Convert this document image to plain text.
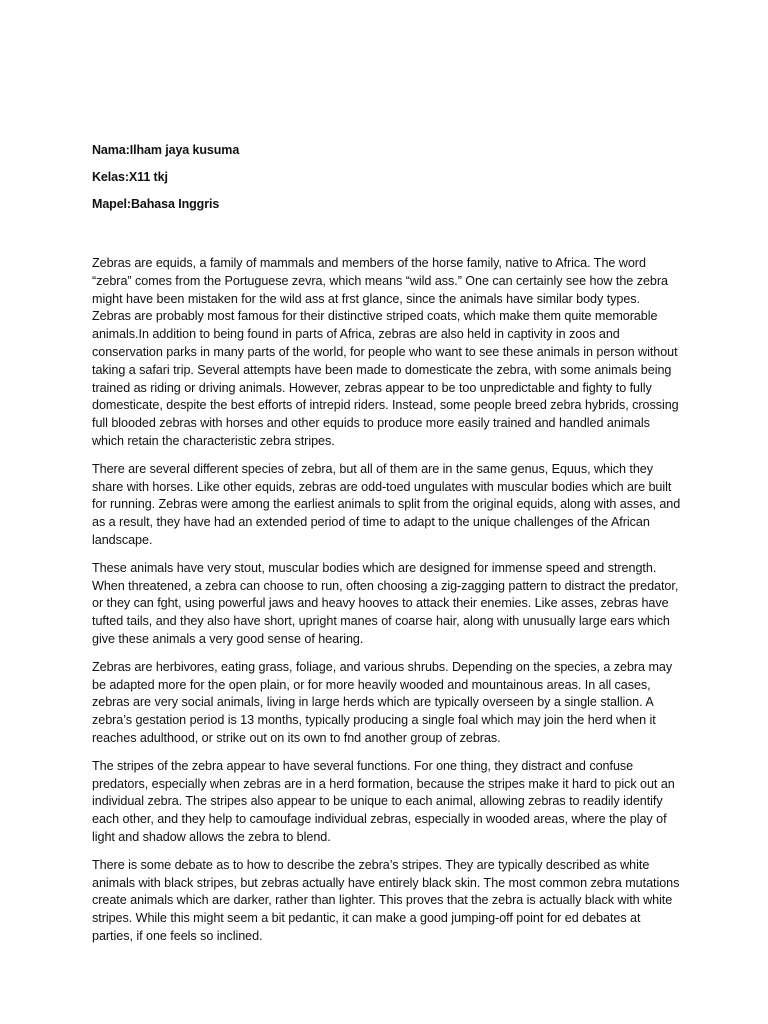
Nama:Ilham jaya kusuma
Kelas:X11 tkj
Mapel:Bahasa Inggris

Zebras are equids, a family of mammals and members of the horse family, native to Africa. The word “zebra” comes from the Portuguese zevra, which means “wild ass.” One can certainly see how the zebra might have been mistaken for the wild ass at frst glance, since the animals have similar body types. Zebras are probably most famous for their distinctive striped coats, which make them quite memorable animals.In addition to being found in parts of Africa, zebras are also held in captivity in zoos and conservation parks in many parts of the world, for people who want to see these animals in person without taking a safari trip. Several attempts have been made to domesticate the zebra, with some animals being trained as riding or driving animals. However, zebras appear to be too unpredictable and fighty to fully domesticate, despite the best efforts of intrepid riders. Instead, some people breed zebra hybrids, crossing full blooded zebras with horses and other equids to produce more easily trained and handled animals which retain the characteristic zebra stripes.

There are several different species of zebra, but all of them are in the same genus, Equus, which they share with horses. Like other equids, zebras are odd-toed ungulates with muscular bodies which are built for running. Zebras were among the earliest animals to split from the original equids, along with asses, and as a result, they have had an extended period of time to adapt to the unique challenges of the African landscape.

These animals have very stout, muscular bodies which are designed for immense speed and strength. When threatened, a zebra can choose to run, often choosing a zig-zagging pattern to distract the predator, or they can fght, using powerful jaws and heavy hooves to attack their enemies. Like asses, zebras have tufted tails, and they also have short, upright manes of coarse hair, along with unusually large ears which give these animals a very good sense of hearing.

Zebras are herbivores, eating grass, foliage, and various shrubs. Depending on the species, a zebra may be adapted more for the open plain, or for more heavily wooded and mountainous areas. In all cases, zebras are very social animals, living in large herds which are typically overseen by a single stallion. A zebra’s gestation period is 13 months, typically producing a single foal which may join the herd when it reaches adulthood, or strike out on its own to fnd another group of zebras.

The stripes of the zebra appear to have several functions. For one thing, they distract and confuse predators, especially when zebras are in a herd formation, because the stripes make it hard to pick out an individual zebra. The stripes also appear to be unique to each animal, allowing zebras to readily identify each other, and they help to camoufage individual zebras, especially in wooded areas, where the play of light and shadow allows the zebra to blend.

There is some debate as to how to describe the zebra’s stripes. They are typically described as white animals with black stripes, but zebras actually have entirely black skin. The most common zebra mutations create animals which are darker, rather than lighter. This proves that the zebra is actually black with white stripes. While this might seem a bit pedantic, it can make a good jumping-off point for ed debates at parties, if one feels so inclined.
